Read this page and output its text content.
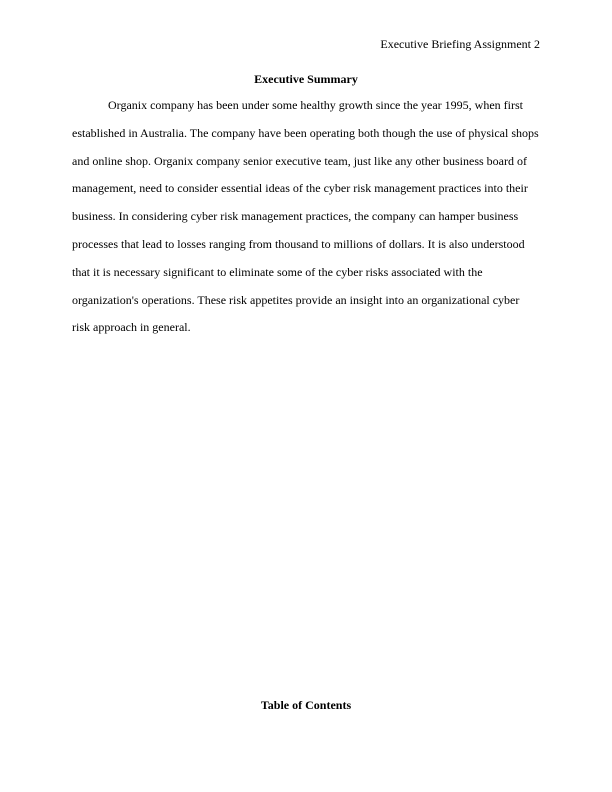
Executive Briefing Assignment 2
Executive Summary
Organix company has been under some healthy growth since the year 1995, when first
established in Australia. The company have been operating both though the use of physical shops
and online shop. Organix company senior executive team, just like any other business board of
management, need to consider essential ideas of the cyber risk management practices into their
business. In considering cyber risk management practices, the company can hamper business
processes that lead to losses ranging from thousand to millions of dollars. It is also understood
that it is necessary significant to eliminate some of the cyber risks associated with the
organization's operations. These risk appetites provide an insight into an organizational cyber
risk approach in general.
Table of Contents
